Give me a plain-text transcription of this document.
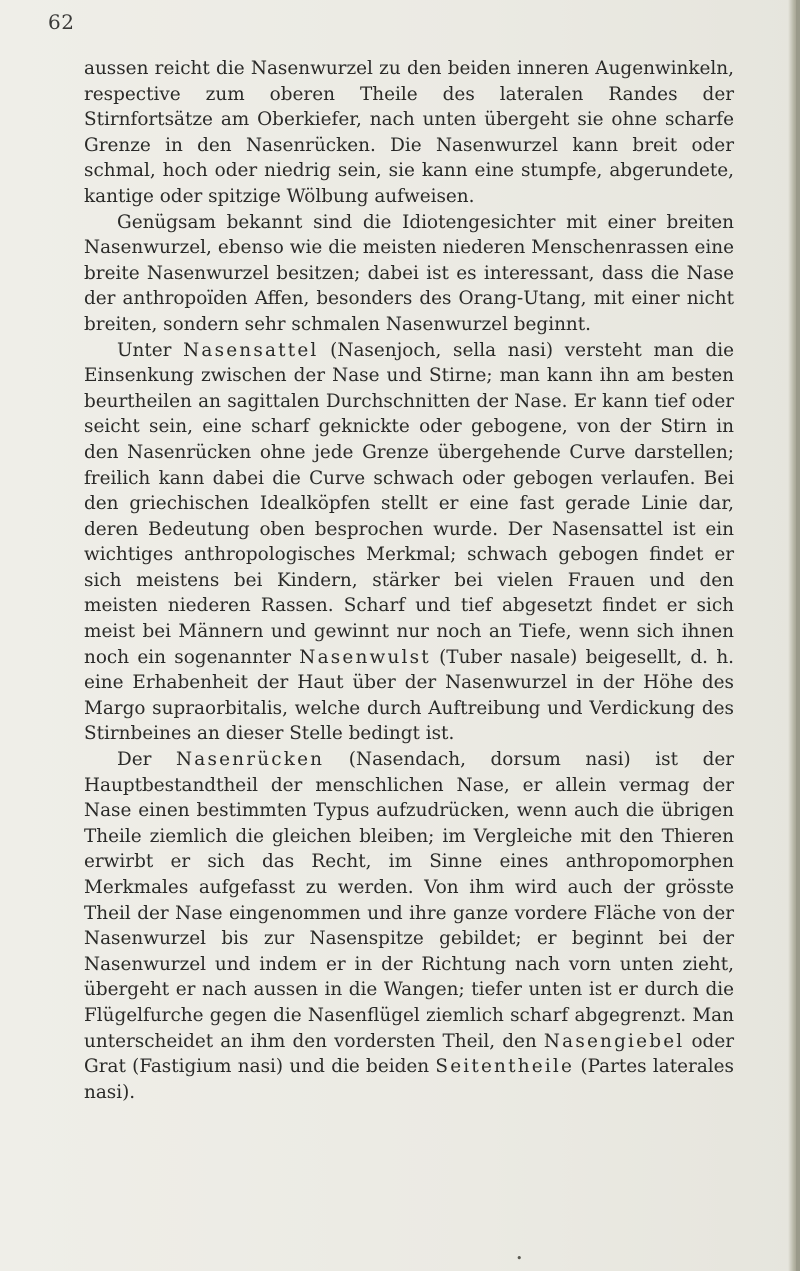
62

aussen reicht die Nasenwurzel zu den beiden inneren Augenwinkeln, respective zum oberen Theile des lateralen Randes der Stirnfortsätze am Oberkiefer, nach unten übergeht sie ohne scharfe Grenze in den Nasenrücken. Die Nasenwurzel kann breit oder schmal, hoch oder niedrig sein, sie kann eine stumpfe, abgerundete, kantige oder spitzige Wölbung aufweisen.

Genügsam bekannt sind die Idiotengesichter mit einer breiten Nasenwurzel, ebenso wie die meisten niederen Menschenrassen eine breite Nasenwurzel besitzen; dabei ist es interessant, dass die Nase der anthropoïden Affen, besonders des Orang-Utang, mit einer nicht breiten, sondern sehr schmalen Nasenwurzel beginnt.

Unter Nasensattel (Nasenjoch, sella nasi) versteht man die Einsenkung zwischen der Nase und Stirne; man kann ihn am besten beurtheilen an sagittalen Durchschnitten der Nase. Er kann tief oder seicht sein, eine scharf geknickte oder gebogene, von der Stirn in den Nasenrücken ohne jede Grenze übergehende Curve darstellen; freilich kann dabei die Curve schwach oder gebogen verlaufen. Bei den griechischen Idealköpfen stellt er eine fast gerade Linie dar, deren Bedeutung oben besprochen wurde. Der Nasensattel ist ein wichtiges anthropologisches Merkmal; schwach gebogen findet er sich meistens bei Kindern, stärker bei vielen Frauen und den meisten niederen Rassen. Scharf und tief abgesetzt findet er sich meist bei Männern und gewinnt nur noch an Tiefe, wenn sich ihnen noch ein sogenannter Nasenwulst (Tuber nasale) beigesellt, d. h. eine Erhabenheit der Haut über der Nasenwurzel in der Höhe des Margo supraorbitalis, welche durch Auftreibung und Verdickung des Stirnbeines an dieser Stelle bedingt ist.

Der Nasenrücken (Nasendach, dorsum nasi) ist der Hauptbestandtheil der menschlichen Nase, er allein vermag der Nase einen bestimmten Typus aufzudrücken, wenn auch die übrigen Theile ziemlich die gleichen bleiben; im Vergleiche mit den Thieren erwirbt er sich das Recht, im Sinne eines anthropomorphen Merkmales aufgefasst zu werden. Von ihm wird auch der grösste Theil der Nase eingenommen und ihre ganze vordere Fläche von der Nasenwurzel bis zur Nasenspitze gebildet; er beginnt bei der Nasenwurzel und indem er in der Richtung nach vorn unten zieht, übergeht er nach aussen in die Wangen; tiefer unten ist er durch die Flügelfurche gegen die Nasenflügel ziemlich scharf abgegrenzt. Man unterscheidet an ihm den vordersten Theil, den Nasengiebel oder Grat (Fastigium nasi) und die beiden Seitentheile (Partes laterales nasi).

•
